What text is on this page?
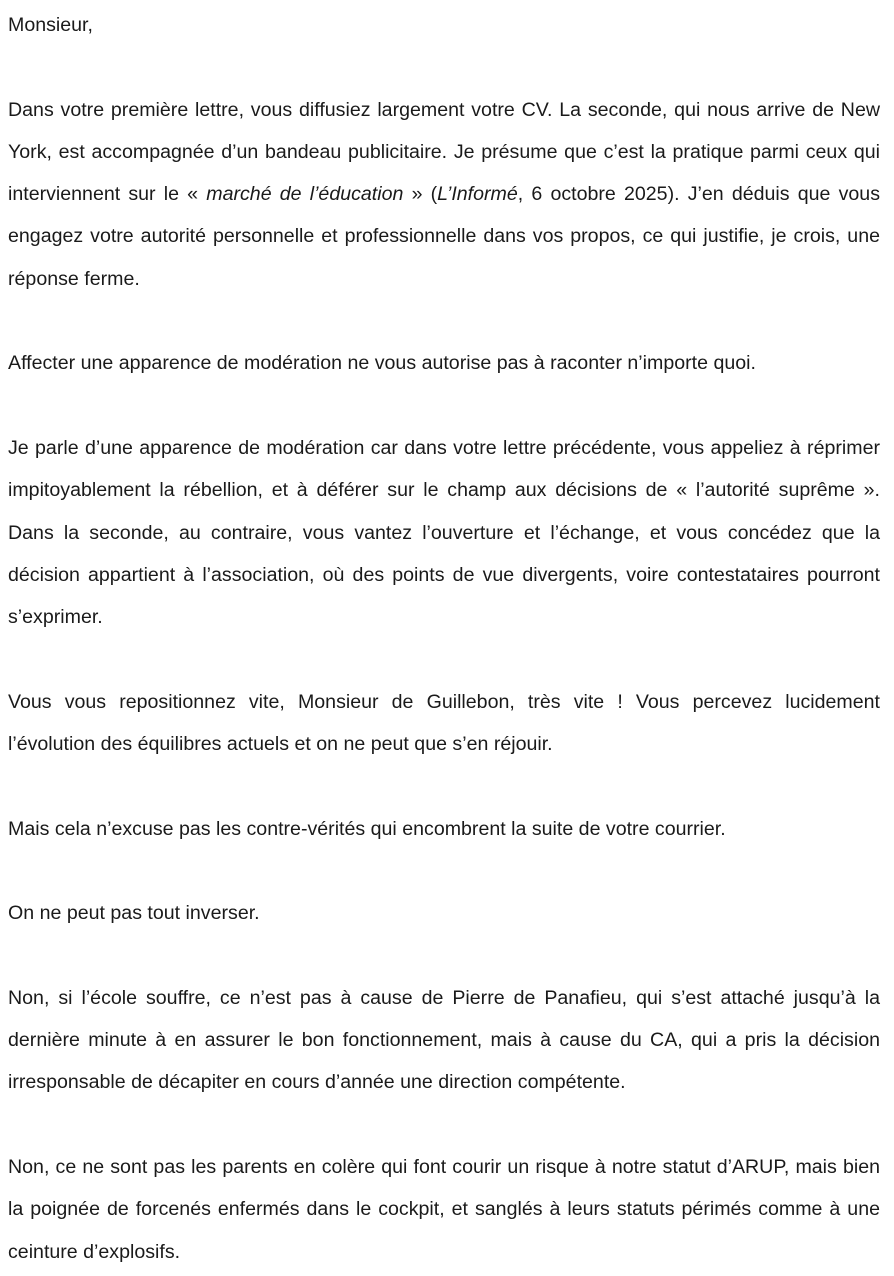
Monsieur,

Dans votre première lettre, vous diffusiez largement votre CV. La seconde, qui nous arrive de New York, est accompagnée d’un bandeau publicitaire. Je présume que c’est la pratique parmi ceux qui interviennent sur le « marché de l’éducation » (L’Informé, 6 octobre 2025). J’en déduis que vous engagez votre autorité personnelle et professionnelle dans vos propos, ce qui justifie, je crois, une réponse ferme.

Affecter une apparence de modération ne vous autorise pas à raconter n’importe quoi.

Je parle d’une apparence de modération car dans votre lettre précédente, vous appeliez à réprimer impitoyablement la rébellion, et à déférer sur le champ aux décisions de « l’autorité suprême ». Dans la seconde, au contraire, vous vantez l’ouverture et l’échange, et vous concédez que la décision appartient à l’association, où des points de vue divergents, voire contestataires pourront s’exprimer.

Vous vous repositionnez vite, Monsieur de Guillebon, très vite ! Vous percevez lucidement l’évolution des équilibres actuels et on ne peut que s’en réjouir.

Mais cela n’excuse pas les contre-vérités qui encombrent la suite de votre courrier.

On ne peut pas tout inverser.

Non, si l’école souffre, ce n’est pas à cause de Pierre de Panafieu, qui s’est attaché jusqu’à la dernière minute à en assurer le bon fonctionnement, mais à cause du CA, qui a pris la décision irresponsable de décapiter en cours d’année une direction compétente.

Non, ce ne sont pas les parents en colère qui font courir un risque à notre statut d’ARUP, mais bien la poignée de forcenés enfermés dans le cockpit, et sanglés à leurs statuts périmés comme à une ceinture d’explosifs.
